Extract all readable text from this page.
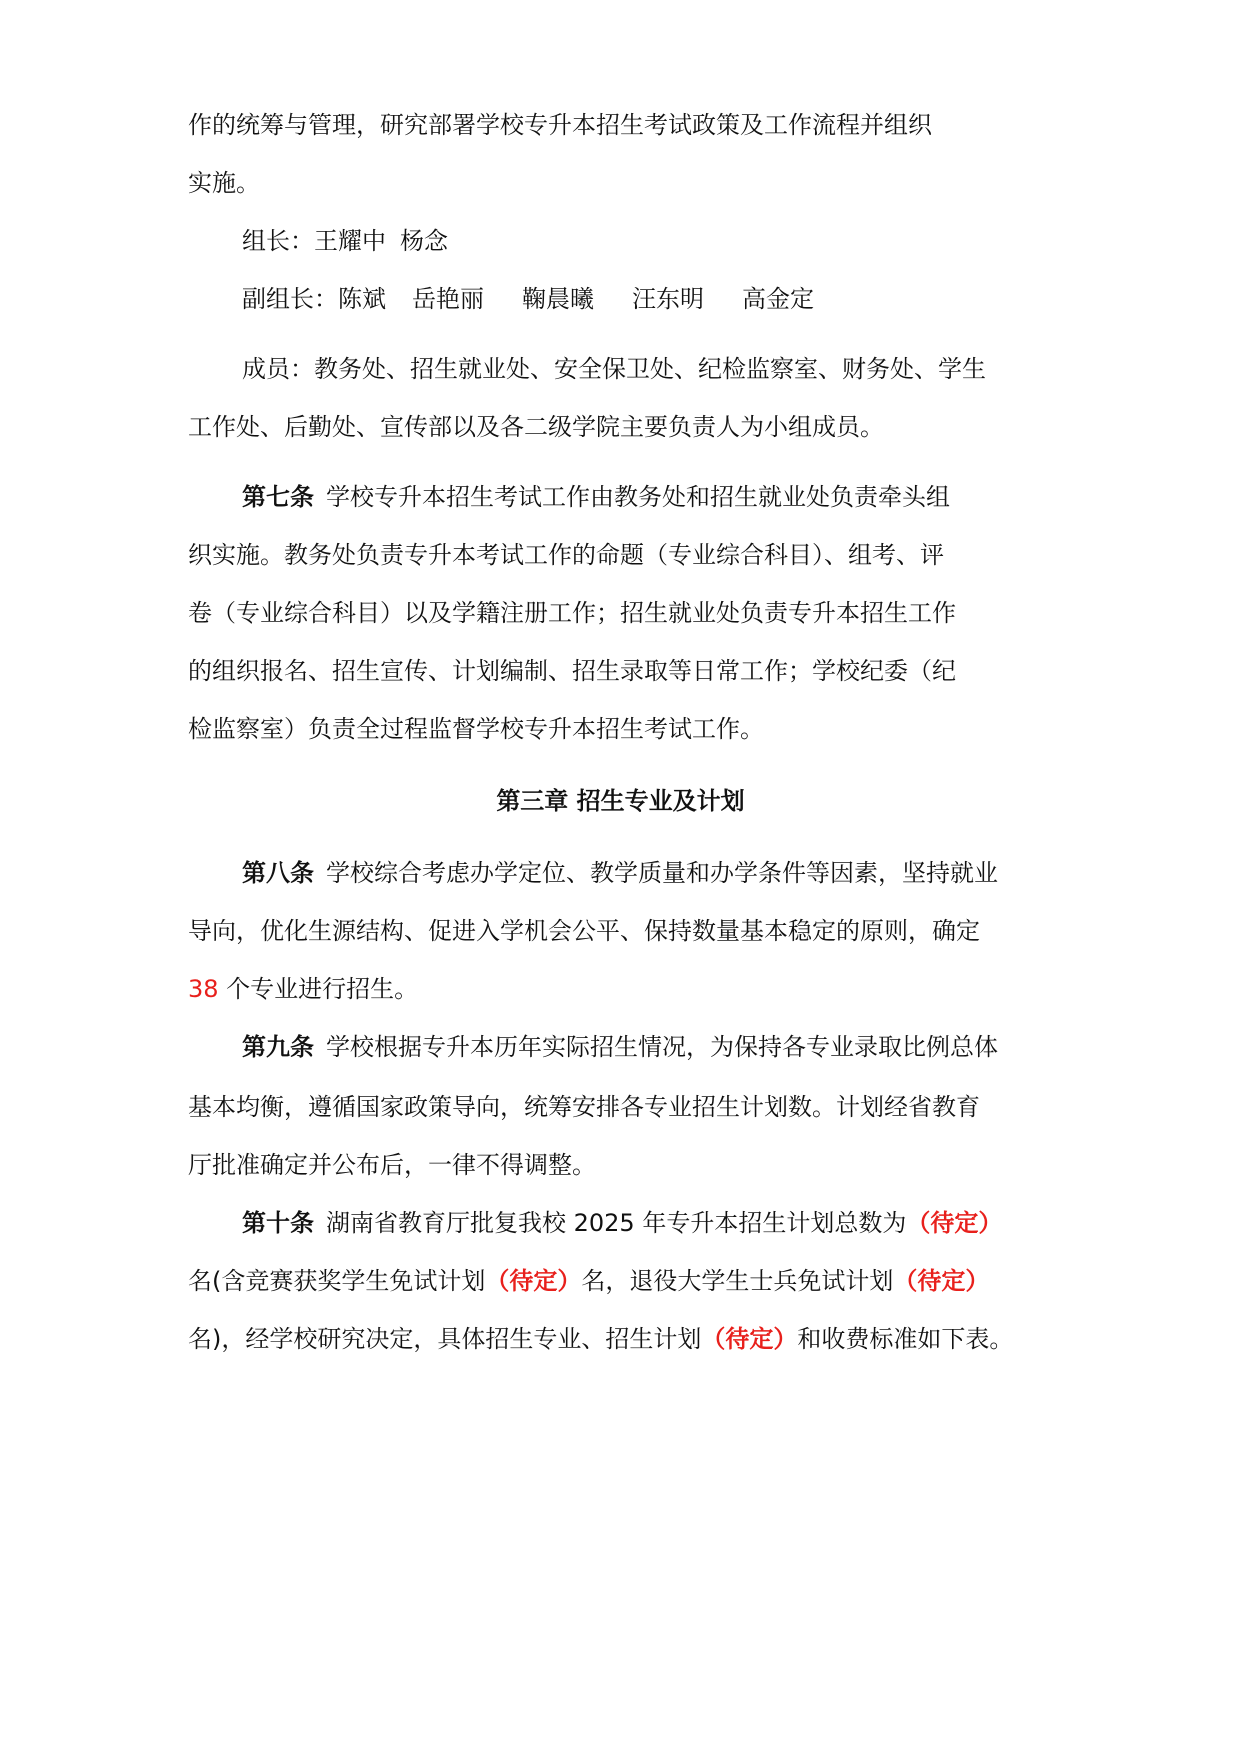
作的统筹与管理，研究部署学校专升本招生考试政策及工作流程并组织
实施。
组长：王耀中 杨念
副组长：陈斌 岳艳丽 鞠晨曦 汪东明 高金定
成员：教务处、招生就业处、安全保卫处、纪检监察室、财务处、学生
工作处、后勤处、宣传部以及各二级学院主要负责人为小组成员。
第七条 学校专升本招生考试工作由教务处和招生就业处负责牵头组
织实施。教务处负责专升本考试工作的命题（专业综合科目）、组考、评
卷（专业综合科目）以及学籍注册工作；招生就业处负责专升本招生工作
的组织报名、招生宣传、计划编制、招生录取等日常工作；学校纪委（纪
检监察室）负责全过程监督学校专升本招生考试工作。
第三章 招生专业及计划
第八条 学校综合考虑办学定位、教学质量和办学条件等因素，坚持就业
导向，优化生源结构、促进入学机会公平、保持数量基本稳定的原则，确定
38 个专业进行招生。
第九条 学校根据专升本历年实际招生情况，为保持各专业录取比例总体
基本均衡，遵循国家政策导向，统筹安排各专业招生计划数。计划经省教育
厅批准确定并公布后，一律不得调整。
第十条 湖南省教育厅批复我校 2025 年专升本招生计划总数为（待定）
名(含竞赛获奖学生免试计划（待定）名，退役大学生士兵免试计划（待定）
名)，经学校研究决定，具体招生专业、招生计划（待定）和收费标准如下表。
